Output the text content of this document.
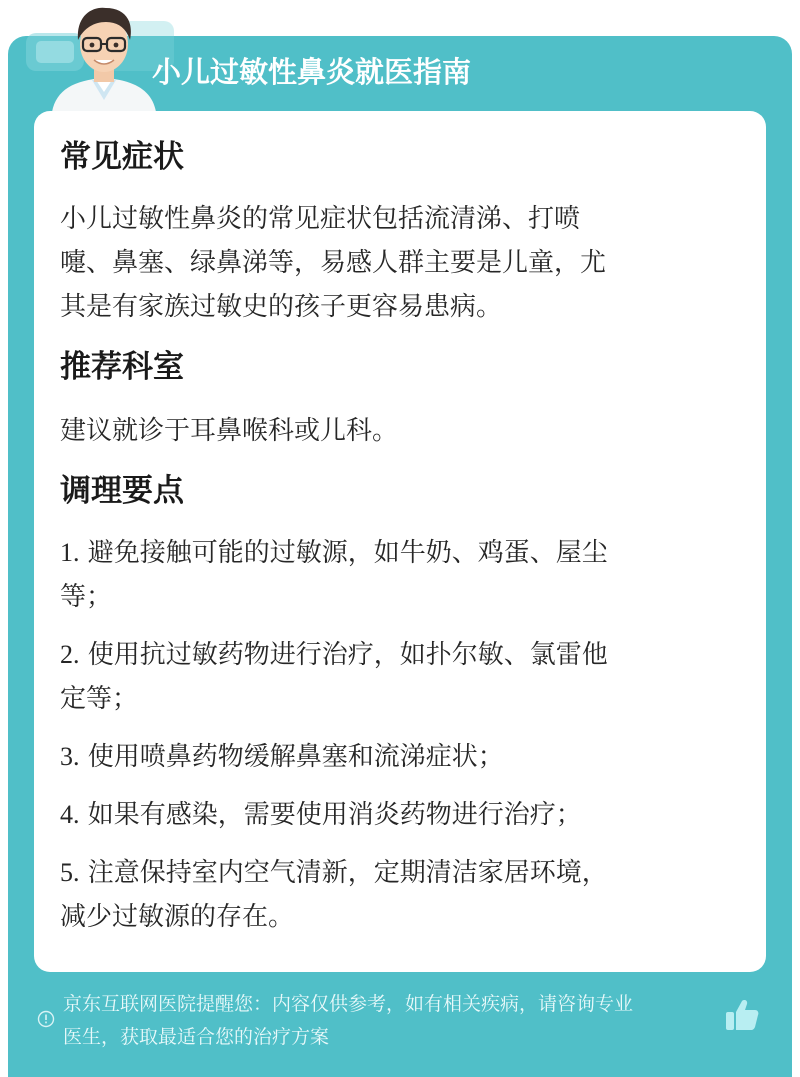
小儿过敏性鼻炎就医指南
常见症状
小儿过敏性鼻炎的常见症状包括流清涕、打喷
嚏、鼻塞、绿鼻涕等，易感人群主要是儿童，尤
其是有家族过敏史的孩子更容易患病。
推荐科室
建议就诊于耳鼻喉科或儿科。
调理要点
1. 避免接触可能的过敏源，如牛奶、鸡蛋、屋尘
等；
2. 使用抗过敏药物进行治疗，如扑尔敏、氯雷他
定等；
3. 使用喷鼻药物缓解鼻塞和流涕症状；
4. 如果有感染，需要使用消炎药物进行治疗；
5. 注意保持室内空气清新，定期清洁家居环境，
减少过敏源的存在。
京东互联网医院提醒您：内容仅供参考，如有相关疾病，请咨询专业
医生，获取最适合您的治疗方案
